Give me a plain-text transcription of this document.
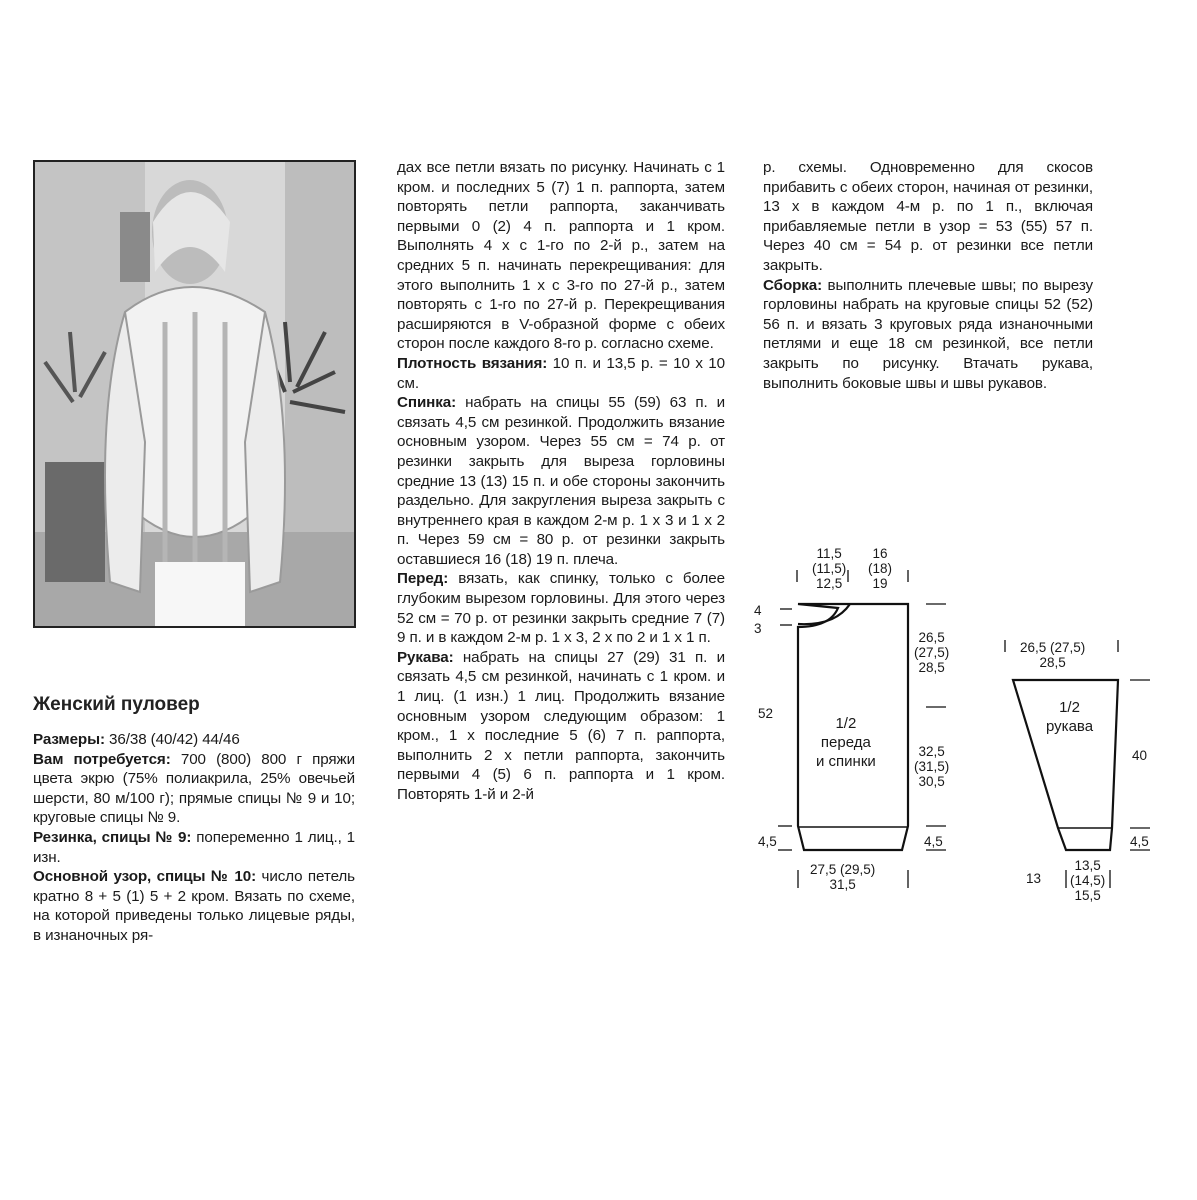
Женский пуловер

Размеры: 36/38 (40/42) 44/46

Вам потребуется: 700 (800) 800 г пряжи цвета экрю (75% полиакрила, 25% овечьей шерсти, 80 м/100 г); прямые спицы № 9 и 10; круговые спицы № 9.

Резинка, спицы № 9: попеременно 1 лиц., 1 изн.

Основной узор, спицы № 10: число петель кратно 8 + 5 (1) 5 + 2 кром. Вязать по схеме, на которой приведены только лицевые ряды, в изнаночных ря-

дах все петли вязать по рисунку. Начинать с 1 кром. и последних 5 (7) 1 п. раппорта, затем повторять петли раппорта, заканчивать первыми 0 (2) 4 п. раппорта и 1 кром. Выполнять 4 х с 1-го по 2-й р., затем на средних 5 п. начинать перекрещивания: для этого выполнить 1 х с 3-го по 27-й р., затем повторять с 1-го по 27-й р. Перекрещивания расширяются в V-образной форме с обеих сторон после каждого 8-го р. согласно схеме.

Плотность вязания: 10 п. и 13,5 р. = 10 х 10 см.

Спинка: набрать на спицы 55 (59) 63 п. и связать 4,5 см резинкой. Продолжить вязание основным узором. Через 55 см = 74 р. от резинки закрыть для выреза горловины средние 13 (13) 15 п. и обе стороны закончить раздельно. Для закругления выреза закрыть с внутреннего края в каждом 2-м р. 1 х 3 и 1 х 2 п. Через 59 см = 80 р. от резинки закрыть оставшиеся 16 (18) 19 п. плеча.

Перед: вязать, как спинку, только с более глубоким вырезом горловины. Для этого через 52 см = 70 р. от резинки закрыть средние 7 (7) 9 п. и в каждом 2-м р. 1 х 3, 2 х по 2 и 1 х 1 п.

Рукава: набрать на спицы 27 (29) 31 п. и связать 4,5 см резинкой, начинать с 1 кром. и 1 лиц. (1 изн.) 1 лиц. Продолжить вязание основным узором следующим образом: 1 кром., 1 х последние 5 (6) 7 п. раппорта, выполнить 2 х петли раппорта, закончить первыми 4 (5) 6 п. раппорта и 1 кром. Повторять 1-й и 2-й

р. схемы. Одновременно для скосов прибавить с обеих сторон, начиная от резинки, 13 х в каждом 4-м р. по 1 п., включая прибавляемые петли в узор = 53 (55) 57 п. Через 40 см = 54 р. от резинки все петли закрыть.

Сборка: выполнить плечевые швы; по вырезу горловины набрать на круговые спицы 52 (52) 56 п. и вязать 3 круговых ряда изнаночными петлями и еще 18 см резинкой, все петли закрыть по рисунку. Втачать рукава, выполнить боковые швы и швы рукавов.

11,5
(11,5)
12,5
16
(18)
19
4
3
52
26,5
(27,5)
28,5
32,5
(31,5)
30,5
4,5	4,5
27,5 (29,5)
31,5
1/2
переда
и спинки
26,5 (27,5)
28,5
1/2
рукава
40
4,5
13
13,5
(14,5)
15,5
